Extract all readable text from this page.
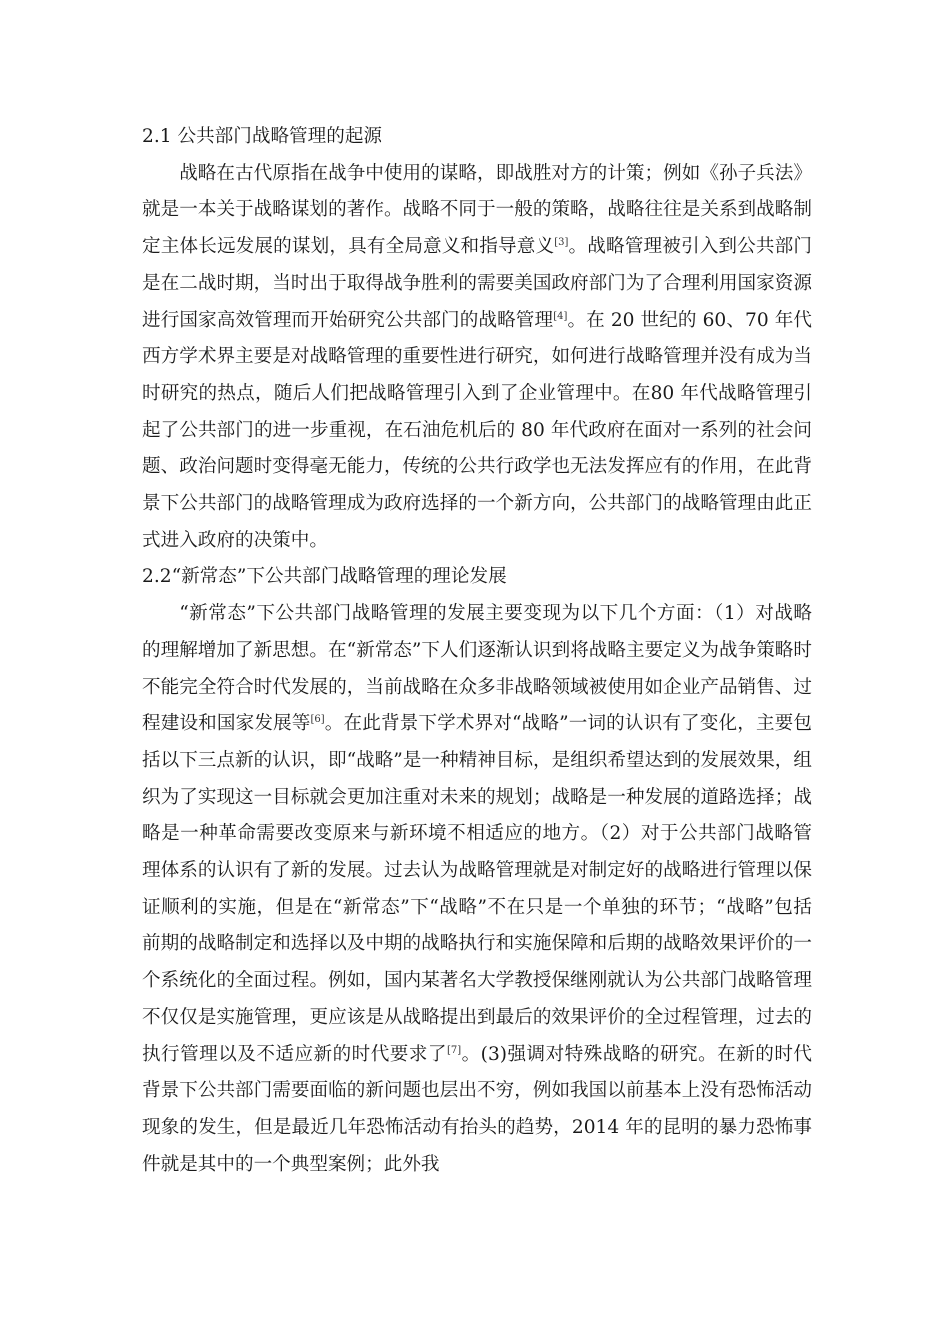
2.1 公共部门战略管理的起源

战略在古代原指在战争中使用的谋略，即战胜对方的计策；例如《孙子兵法》就是一本关于战略谋划的著作。战略不同于一般的策略，战略往往是关系到战略制定主体长远发展的谋划，具有全局意义和指导意义[3]。战略管理被引入到公共部门是在二战时期，当时出于取得战争胜利的需要美国政府部门为了合理利用国家资源进行国家高效管理而开始研究公共部门的战略管理[4]。在 20 世纪的 60、70 年代西方学术界主要是对战略管理的重要性进行研究，如何进行战略管理并没有成为当时研究的热点，随后人们把战略管理引入到了企业管理中。在80 年代战略管理引起了公共部门的进一步重视，在石油危机后的 80 年代政府在面对一系列的社会问题、政治问题时变得毫无能力，传统的公共行政学也无法发挥应有的作用，在此背景下公共部门的战略管理成为政府选择的一个新方向，公共部门的战略管理由此正式进入政府的决策中。

2.2“新常态”下公共部门战略管理的理论发展

“新常态”下公共部门战略管理的发展主要变现为以下几个方面：（1）对战略的理解增加了新思想。在“新常态”下人们逐渐认识到将战略主要定义为战争策略时不能完全符合时代发展的，当前战略在众多非战略领域被使用如企业产品销售、过程建设和国家发展等[6]。在此背景下学术界对“战略”一词的认识有了变化，主要包括以下三点新的认识，即“战略”是一种精神目标，是组织希望达到的发展效果，组织为了实现这一目标就会更加注重对未来的规划；战略是一种发展的道路选择；战略是一种革命需要改变原来与新环境不相适应的地方。（2）对于公共部门战略管理体系的认识有了新的发展。过去认为战略管理就是对制定好的战略进行管理以保证顺利的实施，但是在“新常态”下“战略”不在只是一个单独的环节；“战略”包括前期的战略制定和选择以及中期的战略执行和实施保障和后期的战略效果评价的一个系统化的全面过程。例如，国内某著名大学教授保继刚就认为公共部门战略管理不仅仅是实施管理，更应该是从战略提出到最后的效果评价的全过程管理，过去的执行管理以及不适应新的时代要求了[7]。(3)强调对特殊战略的研究。在新的时代背景下公共部门需要面临的新问题也层出不穷，例如我国以前基本上没有恐怖活动现象的发生，但是最近几年恐怖活动有抬头的趋势，2014 年的昆明的暴力恐怖事件就是其中的一个典型案例；此外我
